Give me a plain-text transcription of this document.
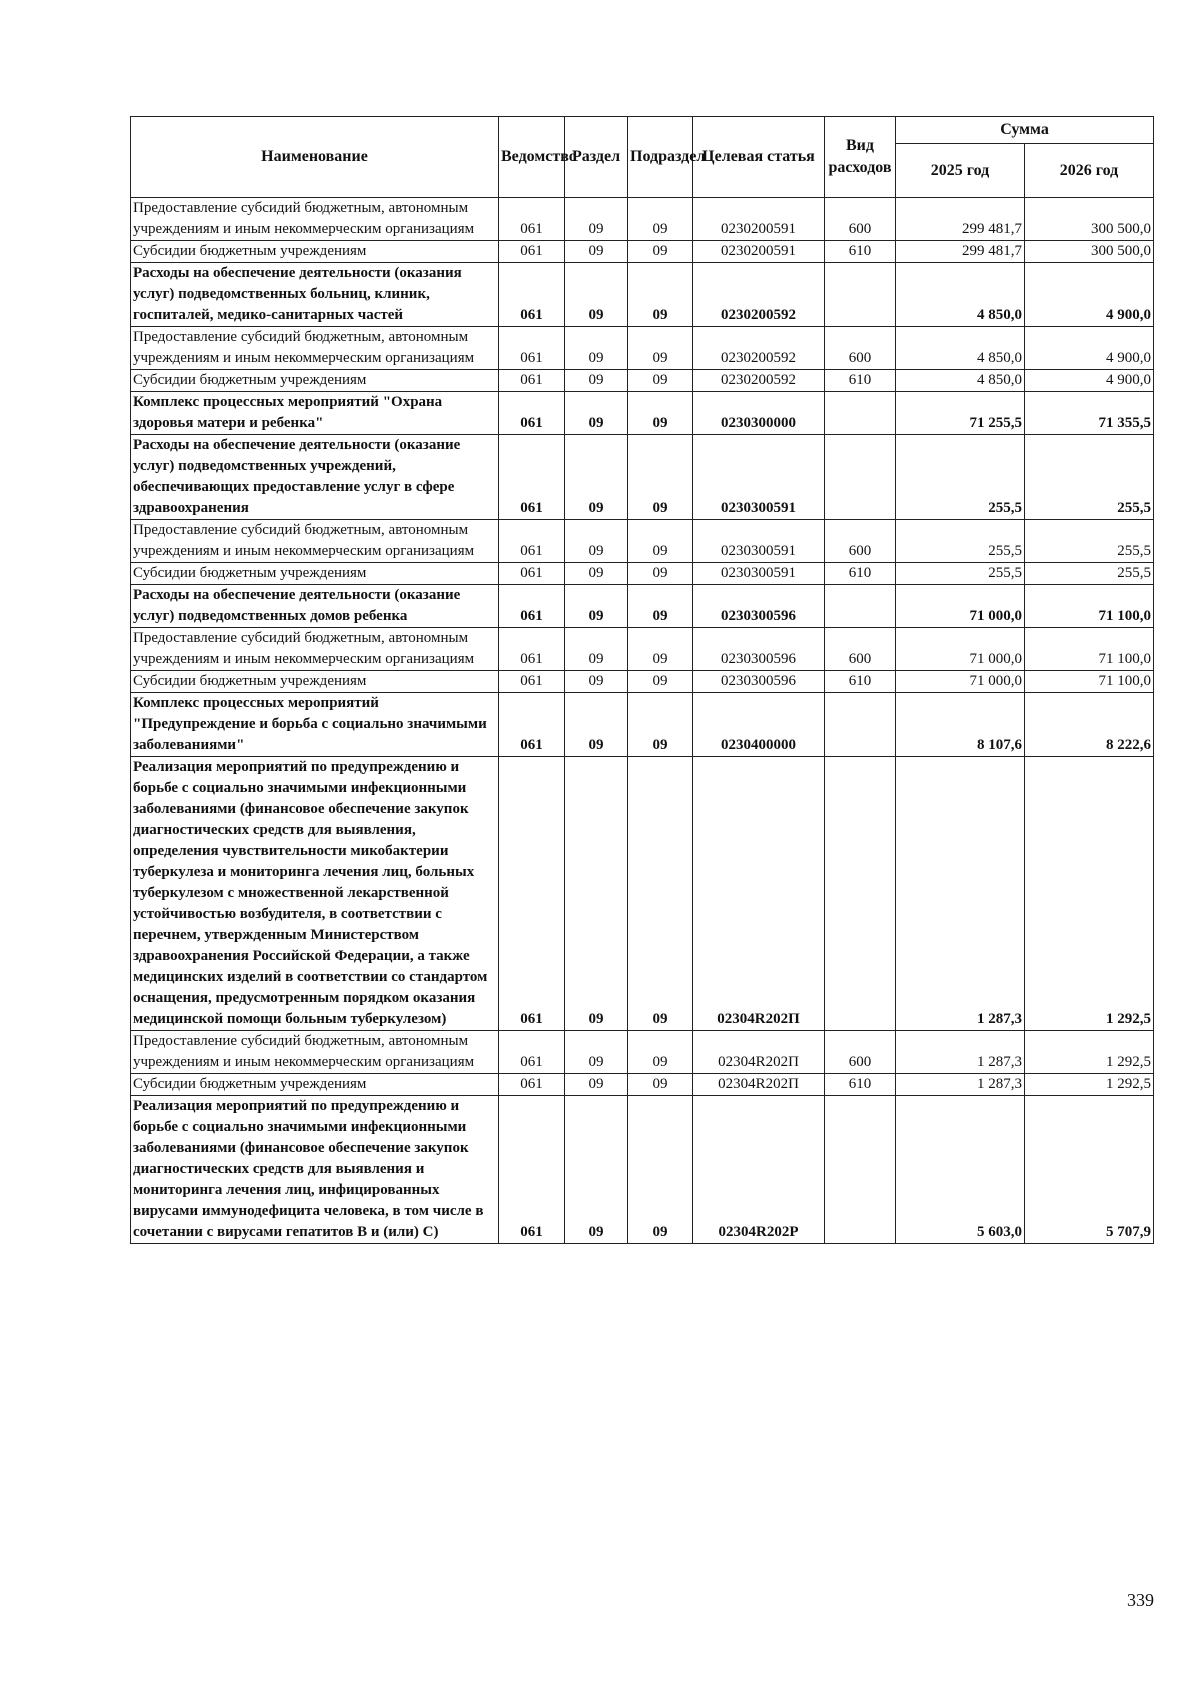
Наименование	Ведомство	Раздел	Подраздел	Целевая статья	Вид расходов	Сумма	
						2025 год	2026 год
Предоставление субсидий бюджетным, автономным учреждениям и иным некоммерческим организациям	061	09	09	0230200591	600	299 481,7	300 500,0
Субсидии бюджетным учреждениям	061	09	09	0230200591	610	299 481,7	300 500,0
Расходы на обеспечение деятельности (оказания услуг) подведомственных больниц, клиник, госпиталей, медико-санитарных частей	061	09	09	0230200592		4 850,0	4 900,0
Предоставление субсидий бюджетным, автономным учреждениям и иным некоммерческим организациям	061	09	09	0230200592	600	4 850,0	4 900,0
Субсидии бюджетным учреждениям	061	09	09	0230200592	610	4 850,0	4 900,0
Комплекс процессных мероприятий "Охрана здоровья матери и ребенка"	061	09	09	0230300000		71 255,5	71 355,5
Расходы на обеспечение деятельности (оказание услуг) подведомственных учреждений, обеспечивающих предоставление услуг в сфере здравоохранения	061	09	09	0230300591		255,5	255,5
Предоставление субсидий бюджетным, автономным учреждениям и иным некоммерческим организациям	061	09	09	0230300591	600	255,5	255,5
Субсидии бюджетным учреждениям	061	09	09	0230300591	610	255,5	255,5
Расходы на обеспечение деятельности (оказание услуг) подведомственных домов ребенка	061	09	09	0230300596		71 000,0	71 100,0
Предоставление субсидий бюджетным, автономным учреждениям и иным некоммерческим организациям	061	09	09	0230300596	600	71 000,0	71 100,0
Субсидии бюджетным учреждениям	061	09	09	0230300596	610	71 000,0	71 100,0
Комплекс процессных мероприятий "Предупреждение и борьба с социально значимыми заболеваниями"	061	09	09	0230400000		8 107,6	8 222,6
Реализация мероприятий по предупреждению и борьбе с социально значимыми инфекционными заболеваниями (финансовое обеспечение закупок диагностических средств для выявления, определения чувствительности микобактерии туберкулеза и мониторинга лечения лиц, больных туберкулезом с множественной лекарственной устойчивостью возбудителя, в соответствии с перечнем, утвержденным Министерством здравоохранения Российской Федерации, а также медицинских изделий в соответствии со стандартом оснащения, предусмотренным порядком оказания медицинской помощи больным туберкулезом)	061	09	09	02304R202П		1 287,3	1 292,5
Предоставление субсидий бюджетным, автономным учреждениям и иным некоммерческим организациям	061	09	09	02304R202П	600	1 287,3	1 292,5
Субсидии бюджетным учреждениям	061	09	09	02304R202П	610	1 287,3	1 292,5
Реализация мероприятий по предупреждению и борьбе с социально значимыми инфекционными заболеваниями (финансовое обеспечение закупок диагностических средств для выявления и мониторинга лечения лиц, инфицированных вирусами иммунодефицита человека, в том числе в сочетании с вирусами гепатитов B и (или) C)	061	09	09	02304R202Р		5 603,0	5 707,9
339
